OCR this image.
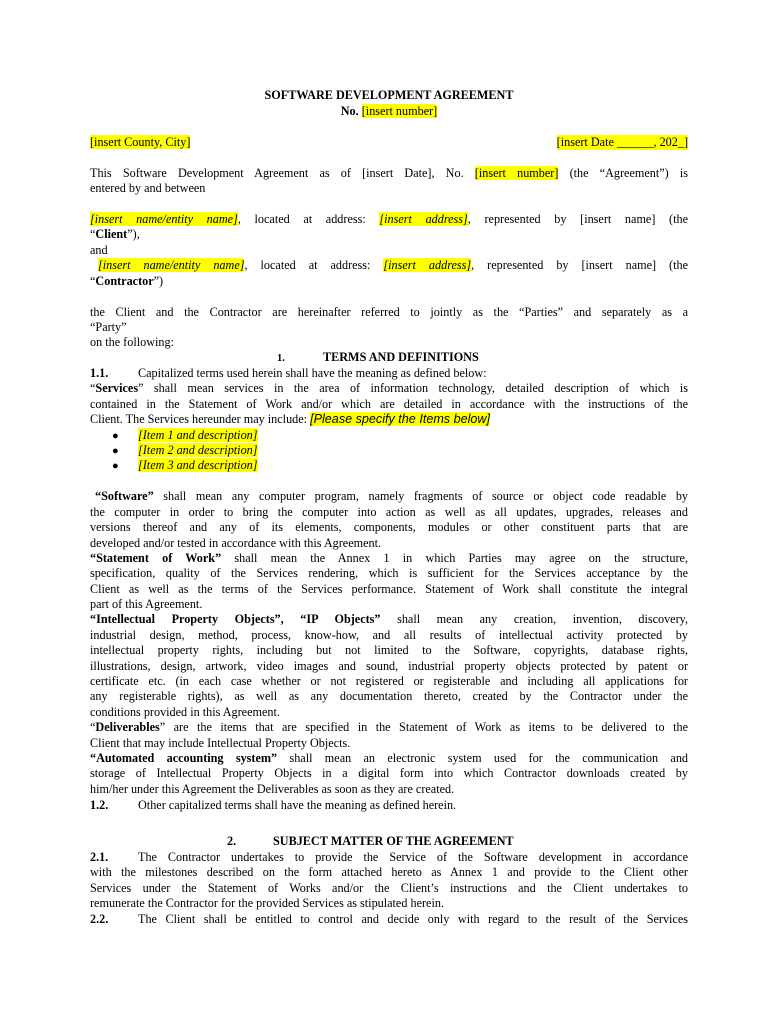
SOFTWARE DEVELOPMENT AGREEMENT
No. [insert number]
[insert County, City]	[insert Date ______, 202_]
This Software Development Agreement as of [insert Date], No. [insert number] (the “Agreement”) is
entered by and between
[insert name/entity name], located at address: [insert address], represented by [insert name] (the
“Client”),
and
[insert name/entity name], located at address: [insert address], represented by [insert name] (the
“Contractor”)
the Client and the Contractor are hereinafter referred to jointly as the “Parties” and separately as a
“Party”
on the following:
1.	TERMS AND DEFINITIONS
1.1. Capitalized terms used herein shall have the meaning as defined below:
“Services” shall mean services in the area of information technology, detailed description of which is
contained in the Statement of Work and/or which are detailed in accordance with the instructions of the
Client. The Services hereunder may include: [Please specify the Items below]
● [Item 1 and description]
● [Item 2 and description]
● [Item 3 and description]
“Software” shall mean any computer program, namely fragments of source or object code readable by
the computer in order to bring the computer into action as well as all updates, upgrades, releases and
versions thereof and any of its elements, components, modules or other constituent parts that are
developed and/or tested in accordance with this Agreement.
“Statement of Work” shall mean the Annex 1 in which Parties may agree on the structure,
specification, quality of the Services rendering, which is sufficient for the Services acceptance by the
Client as well as the terms of the Services performance. Statement of Work shall constitute the integral
part of this Agreement.
“Intellectual Property Objects”, “IP Objects” shall mean any creation, invention, discovery,
industrial design, method, process, know-how, and all results of intellectual activity protected by
intellectual property rights, including but not limited to the Software, copyrights, database rights,
illustrations, design, artwork, video images and sound, industrial property objects protected by patent or
certificate etc. (in each case whether or not registered or registerable and including all applications for
any registerable rights), as well as any documentation thereto, created by the Contractor under the
conditions provided in this Agreement.
“Deliverables” are the items that are specified in the Statement of Work as items to be delivered to the
Client that may include Intellectual Property Objects.
“Automated accounting system” shall mean an electronic system used for the communication and
storage of Intellectual Property Objects in a digital form into which Contractor downloads created by
him/her under this Agreement the Deliverables as soon as they are created.
1.2. Other capitalized terms shall have the meaning as defined herein.
2.	SUBJECT MATTER OF THE AGREEMENT
2.1. The Contractor undertakes to provide the Service of the Software development in accordance
with the milestones described on the form attached hereto as Annex 1 and provide to the Client other
Services under the Statement of Works and/or the Client’s instructions and the Client undertakes to
remunerate the Contractor for the provided Services as stipulated herein.
2.2. The Client shall be entitled to control and decide only with regard to the result of the Services
